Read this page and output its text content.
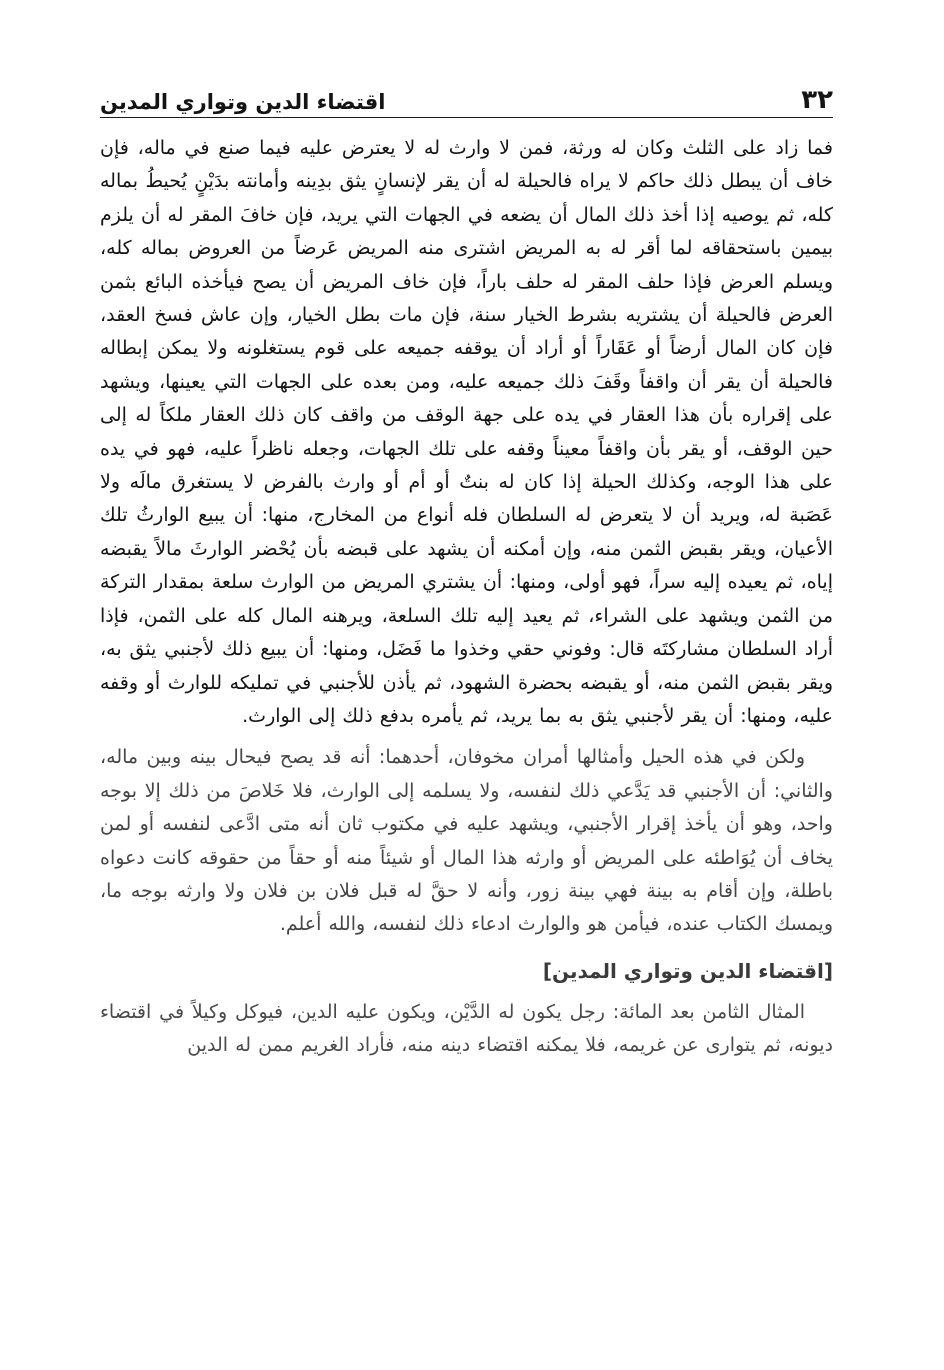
٣٢
اقتضاء الدين وتواري المدين

فما زاد على الثلث وكان له ورثة، فمن لا وارث له لا يعترض عليه فيما صنع في ماله، فإن خاف أن يبطل ذلك حاكم لا يراه فالحيلة له أن يقر لإنسانٍ يثق بدِينه وأمانته بدَيْنٍ يُحيطُ بماله كله، ثم يوصيه إذا أخذ ذلك المال أن يضعه في الجهات التي يريد، فإن خافَ المقر له أن يلزم بيمين باستحقاقه لما أقر له به المريض اشترى منه المريض عَرضاً من العروض بماله كله، ويسلم العرض فإذا حلف المقر له حلف باراً، فإن خاف المريض أن يصح فيأخذه البائع بثمن العرض فالحيلة أن يشتريه بشرط الخيار سنة، فإن مات بطل الخيار، وإن عاش فسخ العقد، فإن كان المال أرضاً أو عَقَاراً أو أراد أن يوقفه جميعه على قوم يستغلونه ولا يمكن إبطاله فالحيلة أن يقر أن واقفاً وقَفَ ذلك جميعه عليه، ومن بعده على الجهات التي يعينها، ويشهد على إقراره بأن هذا العقار في يده على جهة الوقف من واقف كان ذلك العقار ملكاً له إلى حين الوقف، أو يقر بأن واقفاً معيناً وقفه على تلك الجهات، وجعله ناظراً عليه، فهو في يده على هذا الوجه، وكذلك الحيلة إذا كان له بنتٌ أو أم أو وارث بالفرض لا يستغرق مالَه ولا عَصَبة له، ويريد أن لا يتعرض له السلطان فله أنواع من المخارج، منها: أن يبيع الوارثُ تلك الأعيان، ويقر بقبض الثمن منه، وإن أمكنه أن يشهد على قبضه بأن يُحْضر الوارثَ مالاً يقبضه إياه، ثم يعيده إليه سراً، فهو أولى، ومنها: أن يشتري المريض من الوارث سلعة بمقدار التركة من الثمن ويشهد على الشراء، ثم يعيد إليه تلك السلعة، ويرهنه المال كله على الثمن، فإذا أراد السلطان مشاركتَه قال: وفوني حقي وخذوا ما فَضَل، ومنها: أن يبيع ذلك لأجنبي يثق به، ويقر بقبض الثمن منه، أو يقبضه بحضرة الشهود، ثم يأذن للأجنبي في تمليكه للوارث أو وقفه عليه، ومنها: أن يقر لأجنبي يثق به بما يريد، ثم يأمره بدفع ذلك إلى الوارث.

ولكن في هذه الحيل وأمثالها أمران مخوفان، أحدهما: أنه قد يصح فيحال بينه وبين ماله، والثاني: أن الأجنبي قد يَدَّعي ذلك لنفسه، ولا يسلمه إلى الوارث، فلا خَلاصَ من ذلك إلا بوجه واحد، وهو أن يأخذ إقرار الأجنبي، ويشهد عليه في مكتوب ثان أنه متى ادَّعى لنفسه أو لمن يخاف أن يُوَاطئه على المريض أو وارثه هذا المال أو شيئاً منه أو حقاً من حقوقه كانت دعواه باطلة، وإن أقام به بينة فهي بينة زور، وأنه لا حقَّ له قبل فلان بن فلان ولا وارثه بوجه ما، ويمسك الكتاب عنده، فيأمن هو والوارث ادعاء ذلك لنفسه، والله أعلم.

[اقتضاء الدين وتواري المدين]

المثال الثامن بعد المائة: رجل يكون له الدَّيْن، ويكون عليه الدين، فيوكل وكيلاً في اقتضاء ديونه، ثم يتوارى عن غريمه، فلا يمكنه اقتضاء دينه منه، فأراد الغريم ممن له الدين
